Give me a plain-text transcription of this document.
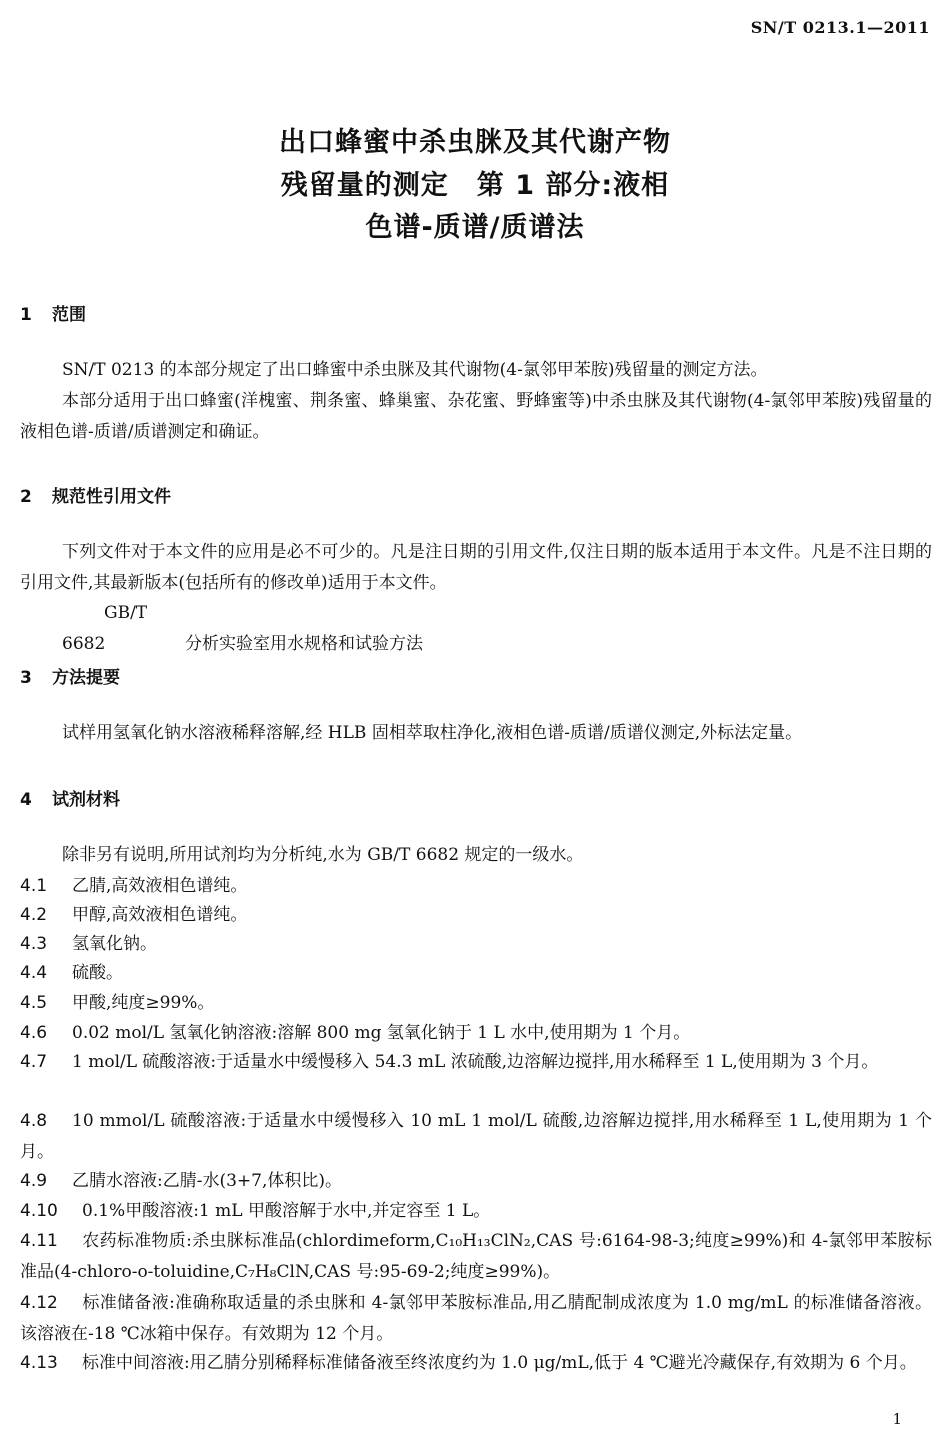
SN/T 0213.1—2011
出口蜂蜜中杀虫脒及其代谢产物
残留量的测定　第 1 部分:液相
色谱-质谱/质谱法
1 范围
SN/T 0213 的本部分规定了出口蜂蜜中杀虫脒及其代谢物(4-氯邻甲苯胺)残留量的测定方法。
本部分适用于出口蜂蜜(洋槐蜜、荆条蜜、蜂巢蜜、杂花蜜、野蜂蜜等)中杀虫脒及其代谢物(4-氯邻甲苯胺)残留量的液相色谱-质谱/质谱测定和确证。
2 规范性引用文件
下列文件对于本文件的应用是必不可少的。凡是注日期的引用文件,仅注日期的版本适用于本文件。凡是不注日期的引用文件,其最新版本(包括所有的修改单)适用于本文件。
GB/T 6682	分析实验室用水规格和试验方法
3 方法提要
试样用氢氧化钠水溶液稀释溶解,经 HLB 固相萃取柱净化,液相色谱-质谱/质谱仪测定,外标法定量。
4 试剂材料
除非另有说明,所用试剂均为分析纯,水为 GB/T 6682 规定的一级水。
4.1 乙腈,高效液相色谱纯。
4.2 甲醇,高效液相色谱纯。
4.3 氢氧化钠。
4.4 硫酸。
4.5 甲酸,纯度≥99%。
4.6 0.02 mol/L 氢氧化钠溶液:溶解 800 mg 氢氧化钠于 1 L 水中,使用期为 1 个月。
4.7 1 mol/L 硫酸溶液:于适量水中缓慢移入 54.3 mL 浓硫酸,边溶解边搅拌,用水稀释至 1 L,使用期为 3 个月。
4.8 10 mmol/L 硫酸溶液:于适量水中缓慢移入 10 mL 1 mol/L 硫酸,边溶解边搅拌,用水稀释至 1 L,使用期为 1 个月。
4.9 乙腈水溶液:乙腈-水(3+7,体积比)。
4.10 0.1%甲酸溶液:1 mL 甲酸溶解于水中,并定容至 1 L。
4.11 农药标准物质:杀虫脒标准品(chlordimeform,C₁₀H₁₃ClN₂,CAS 号:6164-98-3;纯度≥99%)和 4-氯邻甲苯胺标准品(4-chloro-o-toluidine,C₇H₈ClN,CAS 号:95-69-2;纯度≥99%)。
4.12 标准储备液:准确称取适量的杀虫脒和 4-氯邻甲苯胺标准品,用乙腈配制成浓度为 1.0 mg/mL 的标准储备溶液。该溶液在-18 ℃冰箱中保存。有效期为 12 个月。
4.13 标准中间溶液:用乙腈分别稀释标准储备液至终浓度约为 1.0 μg/mL,低于 4 ℃避光冷藏保存,有效期为 6 个月。
1
